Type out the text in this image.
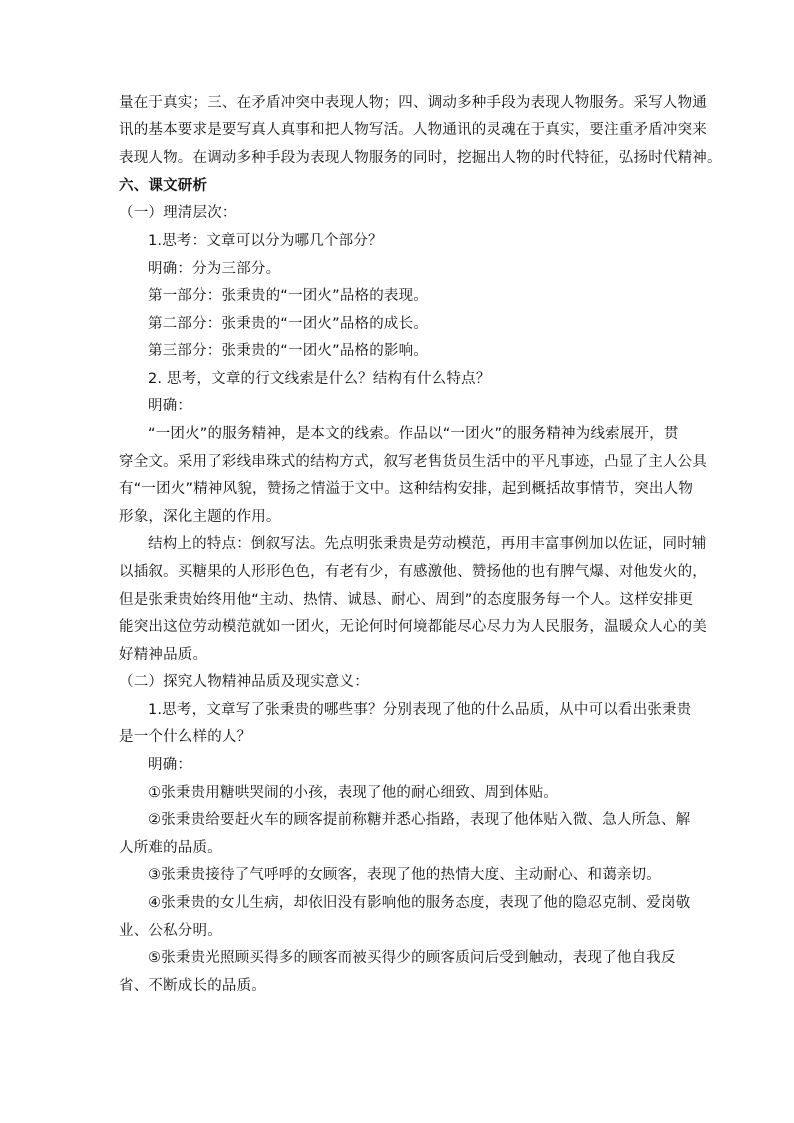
量在于真实；三、在矛盾冲突中表现人物；四、调动多种手段为表现人物服务。采写人物通
讯的基本要求是要写真人真事和把人物写活。人物通讯的灵魂在于真实，要注重矛盾冲突来
表现人物。在调动多种手段为表现人物服务的同时，挖掘出人物的时代特征，弘扬时代精神。
六、课文研析
（一）理清层次：
1.思考：文章可以分为哪几个部分？
明确：分为三部分。
第一部分：张秉贵的“一团火”品格的表现。
第二部分：张秉贵的“一团火”品格的成长。
第三部分：张秉贵的“一团火”品格的影响。
2. 思考，文章的行文线索是什么？结构有什么特点？
明确：
“一团火”的服务精神，是本文的线索。作品以“一团火”的服务精神为线索展开，贯
穿全文。采用了彩线串珠式的结构方式，叙写老售货员生活中的平凡事迹，凸显了主人公具
有“一团火”精神风貌，赞扬之情溢于文中。这种结构安排，起到概括故事情节，突出人物
形象，深化主题的作用。
结构上的特点：倒叙写法。先点明张秉贵是劳动模范，再用丰富事例加以佐证，同时辅
以插叙。买糖果的人形形色色，有老有少，有感激他、赞扬他的也有脾气爆、对他发火的，
但是张秉贵始终用他“主动、热情、诚恳、耐心、周到”的态度服务每一个人。这样安排更
能突出这位劳动模范就如一团火，无论何时何境都能尽心尽力为人民服务，温暖众人心的美
好精神品质。
（二）探究人物精神品质及现实意义：
1.思考，文章写了张秉贵的哪些事？分别表现了他的什么品质，从中可以看出张秉贵
是一个什么样的人？
明确：
①张秉贵用糖哄哭闹的小孩，表现了他的耐心细致、周到体贴。
②张秉贵给要赶火车的顾客提前称糖并悉心指路，表现了他体贴入微、急人所急、解
人所难的品质。
③张秉贵接待了气呼呼的女顾客，表现了他的热情大度、主动耐心、和蔼亲切。
④张秉贵的女儿生病，却依旧没有影响他的服务态度，表现了他的隐忍克制、爱岗敬
业、公私分明。
⑤张秉贵光照顾买得多的顾客而被买得少的顾客质问后受到触动，表现了他自我反
省、不断成长的品质。
